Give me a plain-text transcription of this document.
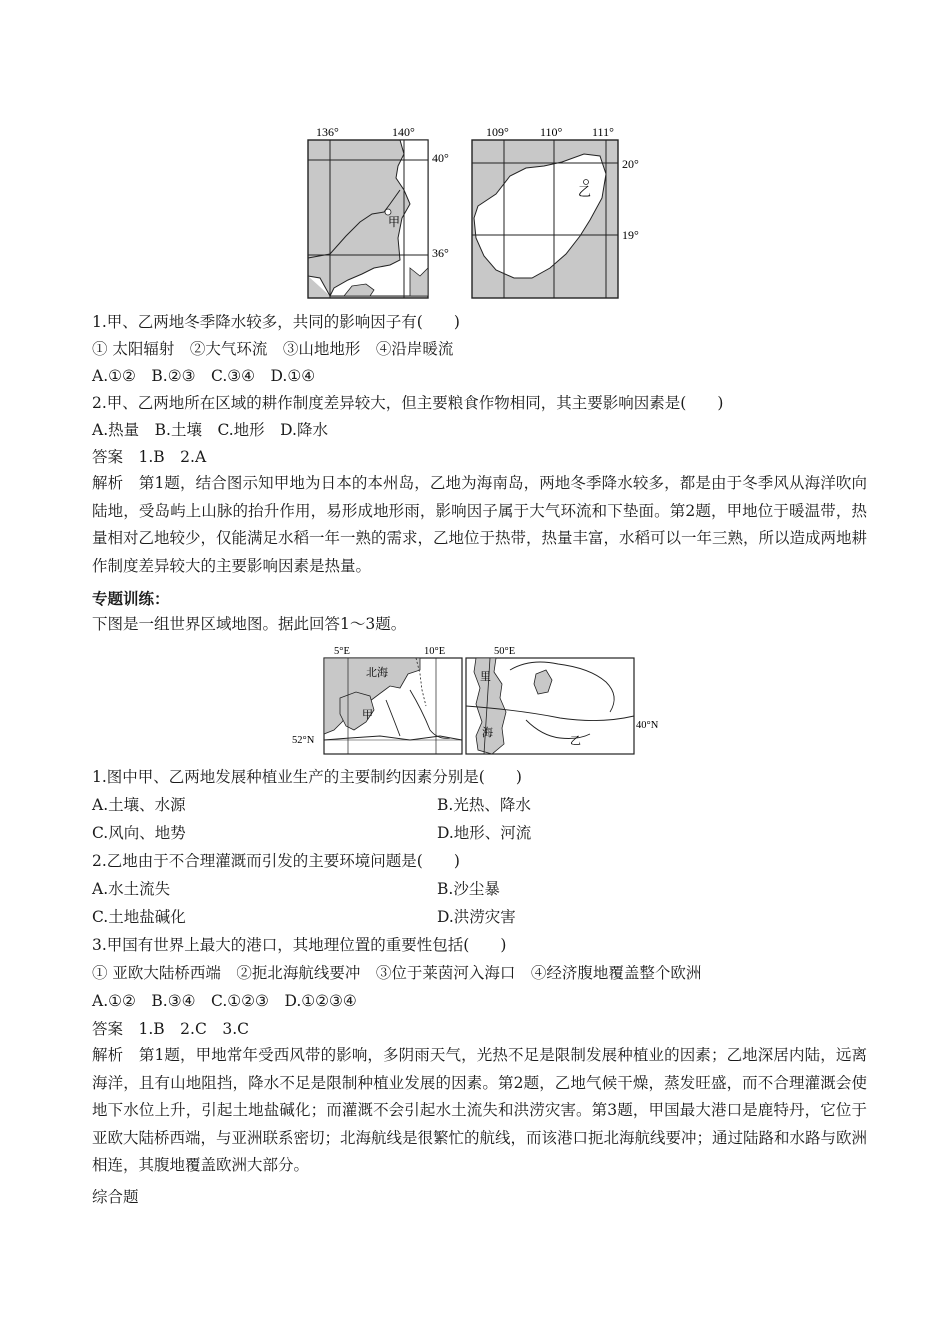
136°	140°
40°
36°
甲
109°	110° 111°
20°
19°
乙
1.甲、乙两地冬季降水较多，共同的影响因子有(　　)
① 太阳辐射　②大气环流　③山地地形　④沿岸暖流
A.①②　B.②③　C.③④　D.①④
2.甲、乙两地所在区域的耕作制度差异较大，但主要粮食作物相同，其主要影响因素是(　　)
A.热量　B.土壤　C.地形　D.降水
答案　1.B　2.A
解析　第1题，结合图示知甲地为日本的本州岛，乙地为海南岛，两地冬季降水较多，都是由于冬季风从海洋吹向陆地，受岛屿上山脉的抬升作用，易形成地形雨，影响因子属于大气环流和下垫面。第2题，甲地位于暖温带，热量相对乙地较少，仅能满足水稻一年一熟的需求，乙地位于热带，热量丰富，水稻可以一年三熟，所以造成两地耕作制度差异较大的主要影响因素是热量。
专题训练：
下图是一组世界区域地图。据此回答1～3题。
5°E	10°E
52°N
北海
甲
50°E
40°N
里
海
乙
1.图中甲、乙两地发展种植业生产的主要制约因素分别是(　　)
A.土壤、水源	B.光热、降水
C.风向、地势	D.地形、河流
2.乙地由于不合理灌溉而引发的主要环境问题是(　　)
A.水土流失	B.沙尘暴
C.土地盐碱化	D.洪涝灾害
3.甲国有世界上最大的港口，其地理位置的重要性包括(　　)
① 亚欧大陆桥西端　②扼北海航线要冲　③位于莱茵河入海口　④经济腹地覆盖整个欧洲
A.①②　B.③④　C.①②③　D.①②③④
答案　1.B　2.C　3.C
解析　第1题，甲地常年受西风带的影响，多阴雨天气，光热不足是限制发展种植业的因素；乙地深居内陆，远离海洋，且有山地阻挡，降水不足是限制种植业发展的因素。第2题，乙地气候干燥，蒸发旺盛，而不合理灌溉会使地下水位上升，引起土地盐碱化；而灌溉不会引起水土流失和洪涝灾害。第3题，甲国最大港口是鹿特丹，它位于亚欧大陆桥西端，与亚洲联系密切；北海航线是很繁忙的航线，而该港口扼北海航线要冲；通过陆路和水路与欧洲相连，其腹地覆盖欧洲大部分。
综合题
